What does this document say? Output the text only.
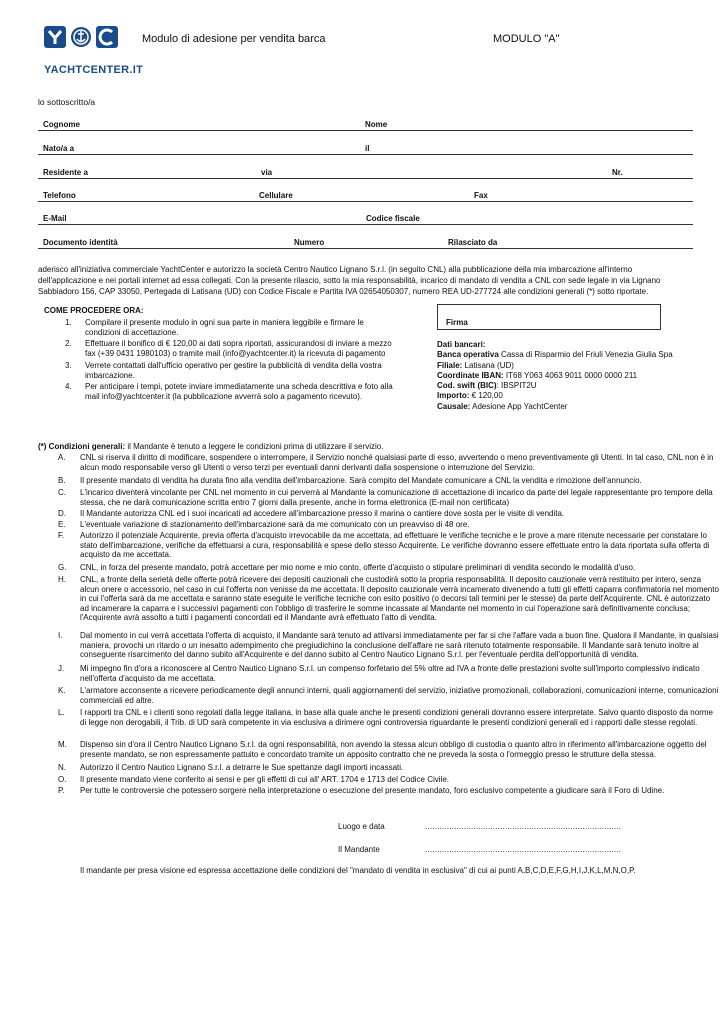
YACHTCENTER.IT
Modulo di adesione per vendita barca	MODULO "A"
lo sottoscritto/a
Cognome	Nome
Nato/a a	il
Residente a	via	Nr.
Telefono	Cellulare	Fax
E-Mail	Codice fiscale
Documento identità	Numero	Rilasciato da
aderisco all'iniziativa commerciale YachtCenter e autorizzo la società Centro Nautico Lignano S.r.l. (in seguito CNL) alla pubblicazione della mia imbarcazione all'interno dell'applicazione e nei portali internet ad essa collegati. Con la presente rilascio, sotto la mia responsabilità, incarico di mandato di vendita a CNL con sede legale in via Lignano Sabbiadoro 156, CAP 33050, Pertegada di Latisana (UD) con Codice Fiscale e Partita IVA 02654050307, numero REA UD-277724 alle condizioni generali (*) sotto riportate.
COME PROCEDERE ORA:
1. Compilare il presente modulo in ogni sua parte in maniera leggibile e firmare le condizioni di accettazione.
2. Effettuare il bonifico di € 120,00 ai dati sopra riportati, assicurandosi di inviare a mezzo fax (+39 0431 1980103) o tramite mail (info@yachtcenter.it) la ricevuta di pagamento
3. Verrete contattati dall'ufficio operativo per gestire la pubblicità di vendita della vostra imbarcazione.
4. Per anticipare i tempi, potete inviare immediatamente una scheda descrittiva e foto alla mail info@yachtcenter.it (la pubblicazione avverrà solo a pagamento ricevuto).
Firma
Dati bancari:
Banca operativa Cassa di Risparmio del Friuli Venezia Giulia Spa
Filiale: Latisana (UD)
Coordinate IBAN: IT68 Y063 4063 9011 0000 0000 211
Cod. swift (BIC): IBSPIT2U
Importo: € 120,00
Causale: Adesione App YachtCenter
(*) Condizioni generali: il Mandante è tenuto a leggere le condizioni prima di utilizzare il servizio.
A. CNL si riserva il diritto di modificare, sospendere o interrompere, il Servizio nonché qualsiasi parte di esso, avvertendo o meno preventivamente gli Utenti. In tal caso, CNL non è in alcun modo responsabile verso gli Utenti o verso terzi per eventuali danni derivanti dalla sospensione o interruzione del Servizio.
B. Il presente mandato di vendita ha durata fino alla vendita dell'imbarcazione. Sarà compito del Mandate comunicare a CNL la vendita e rimozione dell'annuncio.
C. L'incarico diventerà vincolante per CNL nel momento in cui perverrà al Mandante la comunicazione di accettazione di incarico da parte del legale rappresentante pro tempore della stessa, che ne darà comunicazione scritta entro 7 giorni dalla presente, anche in forma elettronica (E-mail non certificata)
D. Il Mandante autorizza CNL ed i suoi incaricati ad accedere all'imbarcazione presso il marina o cantiere dove sosta per le visite di vendita.
E. L'eventuale variazione di stazionamento dell'imbarcazione sarà da me comunicato con un preavviso di 48 ore.
F. Autorizzo il potenziale Acquirente, previa offerta d'acquisto irrevocabile da me accettata, ad effettuare le verifiche tecniche e le prove a mare ritenute necessarie per constatare lo stato dell'imbarcazione, verifiche da effettuarsi a cura, responsabilità e spese dello stesso Acquirente. Le verifiche dovranno essere effettuate entro la data riportata sulla offerta di acquisto da me accettata.
G. CNL, in forza del presente mandato, potrà accettare per mio nome e mio conto, offerte d'acquisto o stipulare preliminari di vendita secondo le modalità d'uso.
H. CNL, a fronte della serietà delle offerte potrà ricevere dei depositi cauzionali che custodirà sotto la propria responsabilità. Il deposito cauzionale verrà restituito per intero, senza alcun onere o accessorio, nel caso in cui l'offerta non venisse da me accettata. Il deposito cauzionale verrà incamerato divenendo a tutti gli effetti caparra confirmatoria nel momento in cui l'offerta sarà da me accettata e saranno state eseguite le verifiche tecniche con esito positivo (o decorsi tali termini per le stesse) da parte dell'Acquirente. CNL è autorizzato ad incamerare la caparra e i successivi pagamenti con l'obbligo di trasferire le somme incassate al Mandante nel momento in cui l'operazione sarà definitivamente conclusa; l'Acquirente avrà assolto a tutti i pagamenti concordati ed il Mandante avrà effettuato l'atto di vendita.
I. Dal momento in cui verrà accettata l'offerta di acquisto, il Mandante sarà tenuto ad attivarsi immediatamente per far si che l'affare vada a buon fine. Qualora il Mandante, in qualsiasi maniera, provochi un ritardo o un inesatto adempimento che pregiudichino la conclusione dell'affare ne sarà ritenuto totalmente responsabile. Il Mandante sarà tenuto inoltre al conseguente risarcimento del danno subito all'Acquirente e del danno subito al Centro Nautico Lignano S.r.l. per l'eventuale perdita dell'opportunità di vendita.
J. Mi impegno fin d'ora a riconoscere al Centro Nautico Lignano S.r.l. un compenso forfetario del 5% oltre ad IVA a fronte delle prestazioni svolte sull'importo complessivo indicato nell'offerta d'acquisto da me accettata.
K. L'armatore acconsente a ricevere periodicamente degli annunci interni, quali aggiornamenti del servizio, iniziative promozionali, collaborazioni, comunicazioni interne, comunicazioni commerciali ed altre.
L. I rapporti tra CNL e i clienti sono regolati dalla legge italiana, in base alla quale anche le presenti condizioni generali dovranno essere interpretate. Salvo quanto disposto da norme di legge non derogabili, il Trib. di UD sarà competente in via esclusiva a dirimere ogni controversia riguardante le presenti condizioni generali ed i rapporti dalle stesse regolati.
M. Dispenso sin d'ora il Centro Nautico Lignano S.r.l. da ogni responsabilità, non avendo la stessa alcun obbligo di custodia o quanto altro in riferimento all'imbarcazione oggetto del presente mandato, se non espressamente pattuito e concordato tramite un apposito contratto che ne preveda la sosta o l'ormeggio presso le strutture della stessa.
N. Autorizzo il Centro Nautico Lignano S.r.l. a detrarre le Sue spettanze dagli importi incassati.
O. Il presente mandato viene conferito ai sensi e per gli effetti di cui all' ART. 1704 e 1713 del Codice Civile.
P. Per tutte le controversie che potessero sorgere nella interpretazione o esecuzione del presente mandato, foro esclusivo competente a giudicare sarà il Foro di Udine.
Luogo e data	.................................................................................
Il Mandante	.................................................................................
Il mandante per presa visione ed espressa accettazione delle condizioni del "mandato di vendita in esclusiva" di cui ai punti A,B,C,D,E,F,G,H,I,J,K,L,M,N,O,P.
